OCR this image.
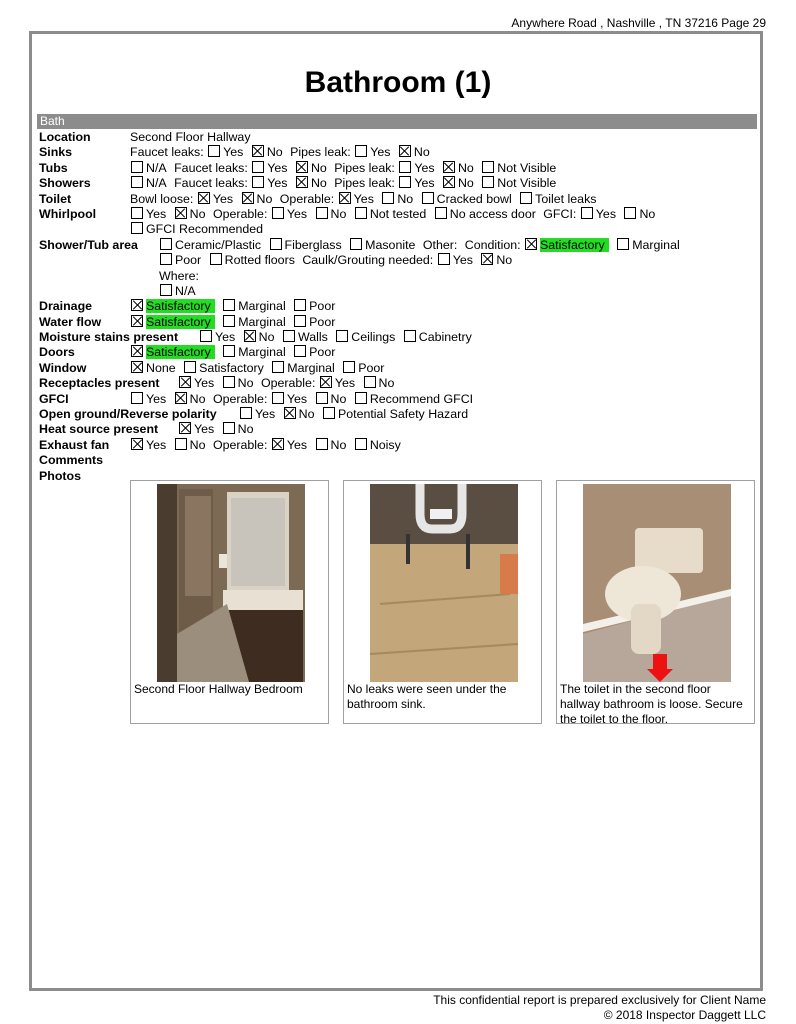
Anywhere Road , Nashville , TN 37216 Page 29
Bathroom (1)
Bath
Location	Second Floor Hallway
Sinks	Faucet leaks: Yes No Pipes leak: Yes No
Tubs	N/A Faucet leaks: Yes No Pipes leak: Yes No Not Visible
Showers	N/A Faucet leaks: Yes No Pipes leak: Yes No Not Visible
Toilet	Bowl loose: Yes No Operable: Yes No Cracked bowl Toilet leaks
Whirlpool	Yes No Operable: Yes No Not tested No access door GFCI: Yes No
GFCI Recommended
Shower/Tub area	Ceramic/Plastic Fiberglass Masonite Other: Condition: Satisfactory Marginal
Poor Rotted floors Caulk/Grouting needed: Yes No
Where:
N/A
Drainage	Satisfactory Marginal Poor
Water flow	Satisfactory Marginal Poor
Moisture stains present	Yes No Walls Ceilings Cabinetry
Doors	Satisfactory Marginal Poor
Window	None Satisfactory Marginal Poor
Receptacles present	Yes No Operable: Yes No
GFCI	Yes No Operable: Yes No Recommend GFCI
Open ground/Reverse polarity	Yes No Potential Safety Hazard
Heat source present	Yes No
Exhaust fan	Yes No Operable: Yes No Noisy
Comments
Photos
Second Floor Hallway Bedroom	No leaks were seen under the bathroom sink.
The toilet in the second floor hallway bathroom is loose. Secure the toilet to the floor.
This confidential report is prepared exclusively for Client Name
© 2018 Inspector Daggett LLC
